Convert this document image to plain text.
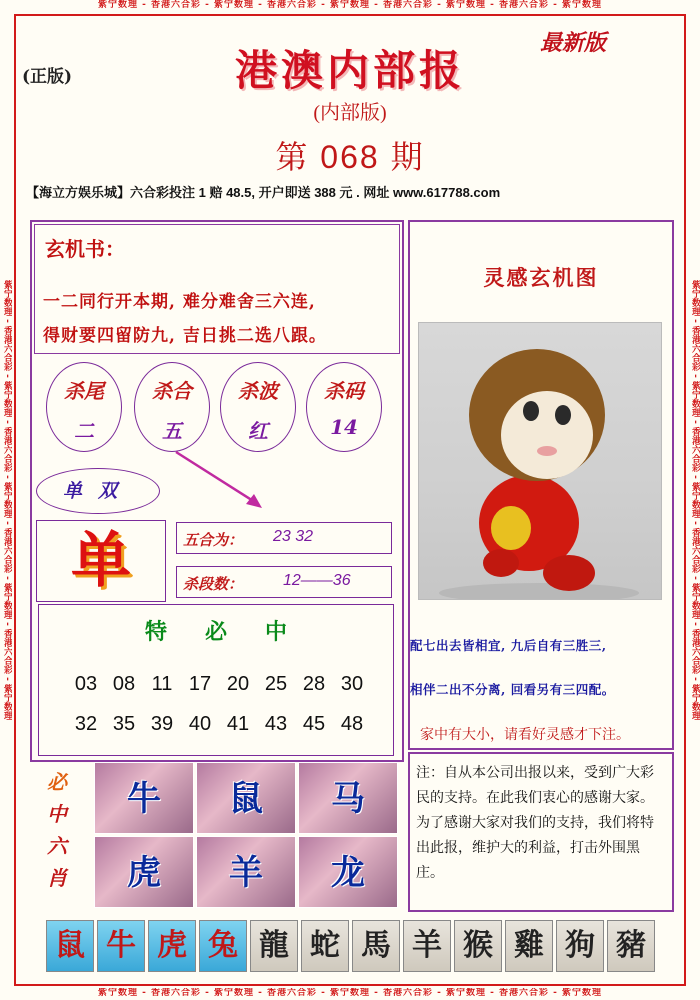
紫宁数理 - 香港六合彩 - 紫宁数理 - 香港六合彩 - 紫宁数理 - 香港六合彩 - 紫宁数理 - 香港六合彩 - 紫宁数理
紫宁数理 - 香港六合彩 - 紫宁数理 - 香港六合彩 - 紫宁数理 - 香港六合彩 - 紫宁数理 - 香港六合彩 - 紫宁数理
紫宁数理 - 香港六合彩 - 紫宁数理 - 香港六合彩 - 紫宁数理 - 香港六合彩 - 紫宁数理 - 香港六合彩 - 紫宁数理	紫宁数理 - 香港六合彩 - 紫宁数理 - 香港六合彩 - 紫宁数理 - 香港六合彩 - 紫宁数理 - 香港六合彩 - 紫宁数理
(正版)
最新版
港澳内部报
(内部版)
第 068 期
【海立方娱乐城】六合彩投注 1 赔 48.5, 开户即送 388 元 . 网址 www.617788.com
玄机书：
一二同行开本期, 难分难舍三六连,
得财要四留防九, 吉日挑二选八跟。
杀尾
二
杀合
五
杀波
红
杀码
14
单双
单	五合为： 23 32
杀段数： 12——36
特必中
03 08 11 17 20 25 28 30
32 35 39 40 41 43 45 48
灵感玄机图
配七出去皆相宜, 九后自有三胜三,
相伴二出不分离, 回看另有三四配。
家中有大小，请看好灵感才下注。

注：自从本公司出报以来，受到广大彩民的支持。在此我们衷心的感谢大家。为了感谢大家对我们的支持，我们将特出此报，维护大的利益，打击外围黑庄。

必
中
六
肖
牛	鼠	马
虎	羊	龙
鼠 牛 虎 兔 龍 蛇 馬 羊 猴 雞 狗 豬
